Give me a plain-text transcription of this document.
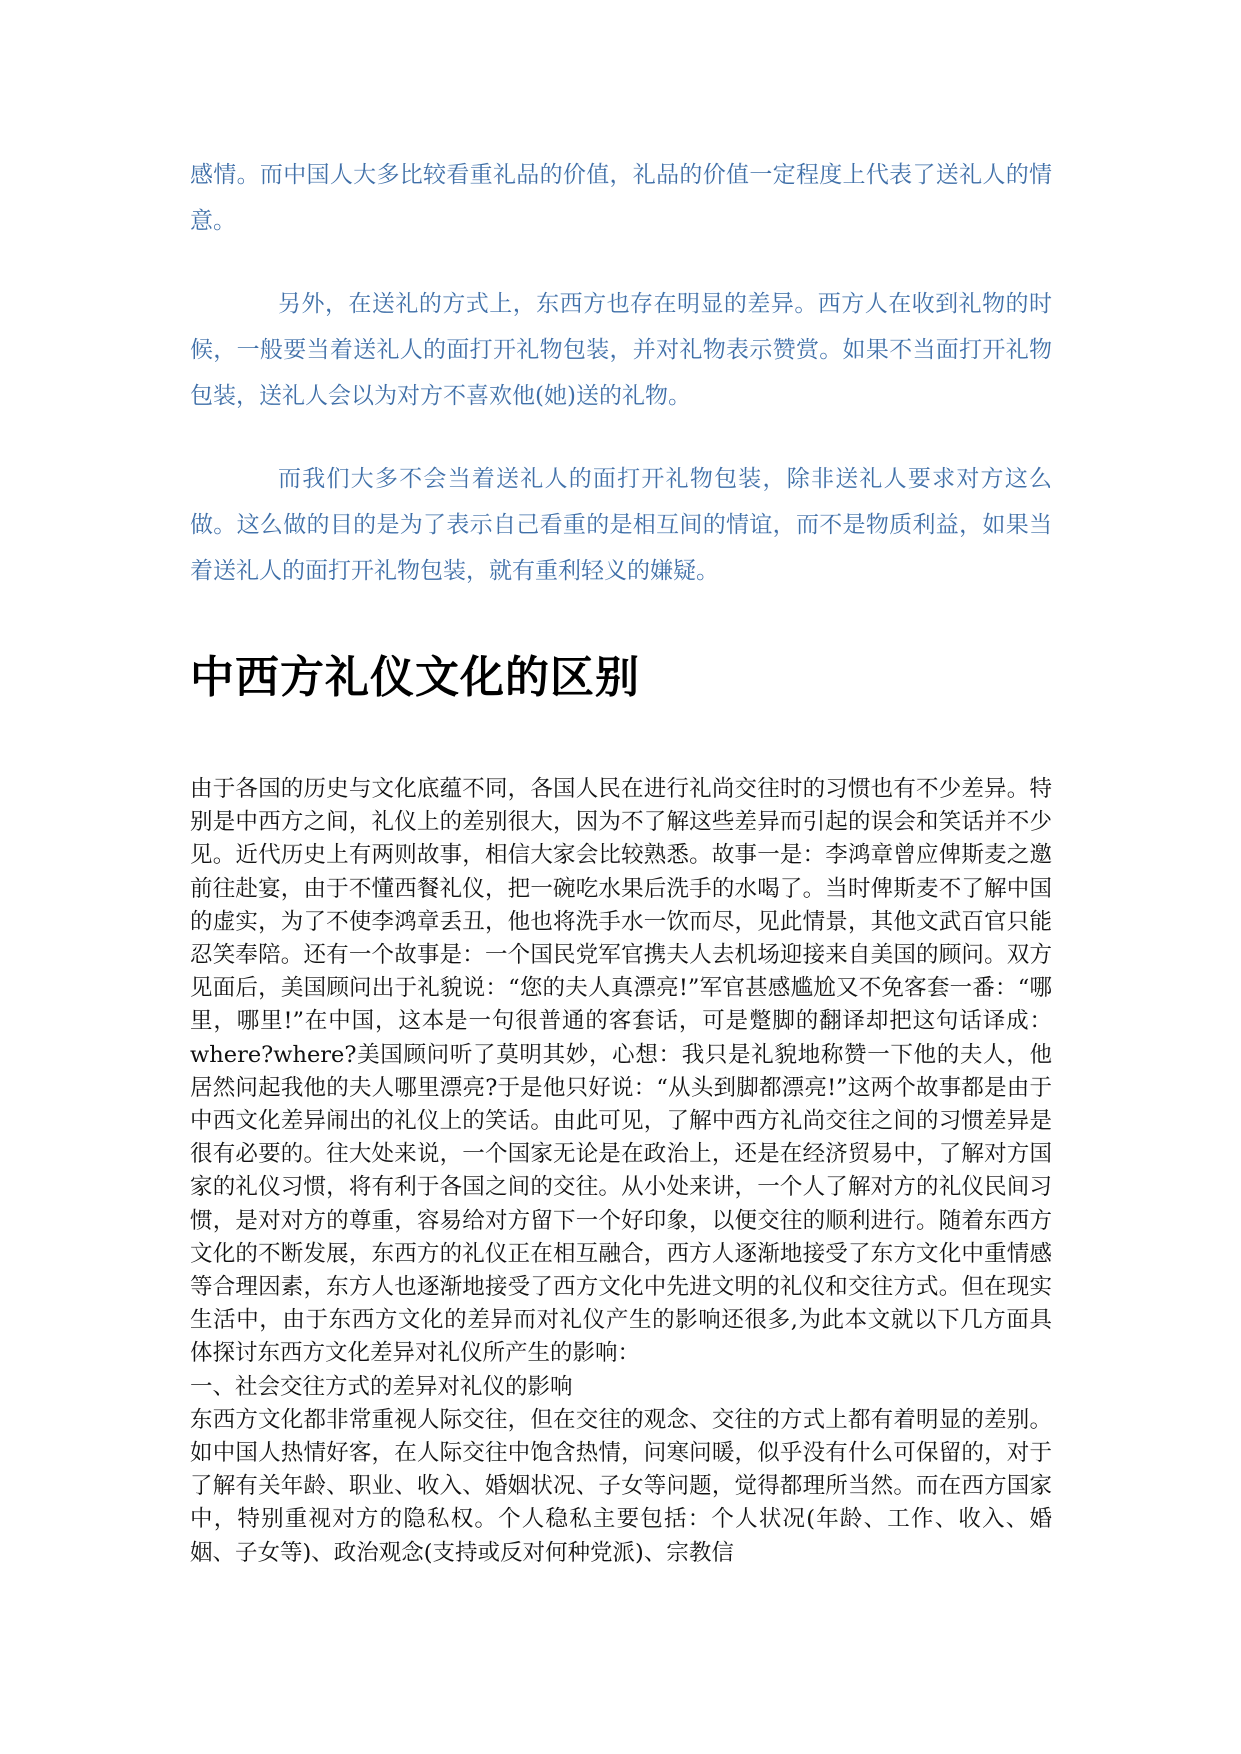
感情。而中国人大多比较看重礼品的价值，礼品的价值一定程度上代表了送礼人的情意。

另外，在送礼的方式上，东西方也存在明显的差异。西方人在收到礼物的时候，一般要当着送礼人的面打开礼物包装，并对礼物表示赞赏。如果不当面打开礼物包装，送礼人会以为对方不喜欢他(她)送的礼物。

而我们大多不会当着送礼人的面打开礼物包装，除非送礼人要求对方这么做。这么做的目的是为了表示自己看重的是相互间的情谊，而不是物质利益，如果当着送礼人的面打开礼物包装，就有重利轻义的嫌疑。

中西方礼仪文化的区别

由于各国的历史与文化底蕴不同，各国人民在进行礼尚交往时的习惯也有不少差异。特别是中西方之间，礼仪上的差别很大，因为不了解这些差异而引起的误会和笑话并不少见。近代历史上有两则故事，相信大家会比较熟悉。故事一是：李鸿章曾应俾斯麦之邀前往赴宴，由于不懂西餐礼仪，把一碗吃水果后洗手的水喝了。当时俾斯麦不了解中国的虚实，为了不使李鸿章丢丑，他也将洗手水一饮而尽，见此情景，其他文武百官只能忍笑奉陪。还有一个故事是：一个国民党军官携夫人去机场迎接来自美国的顾问。双方见面后，美国顾问出于礼貌说：“您的夫人真漂亮!”军官甚感尴尬又不免客套一番：“哪里，哪里!”在中国，这本是一句很普通的客套话，可是蹩脚的翻译却把这句话译成：where?where?美国顾问听了莫明其妙，心想：我只是礼貌地称赞一下他的夫人，他居然问起我他的夫人哪里漂亮?于是他只好说：“从头到脚都漂亮!”这两个故事都是由于中西文化差异闹出的礼仪上的笑话。由此可见，了解中西方礼尚交往之间的习惯差异是很有必要的。往大处来说，一个国家无论是在政治上，还是在经济贸易中，了解对方国家的礼仪习惯，将有利于各国之间的交往。从小处来讲，一个人了解对方的礼仪民间习惯，是对对方的尊重，容易给对方留下一个好印象，以便交往的顺利进行。随着东西方文化的不断发展，东西方的礼仪正在相互融合，西方人逐渐地接受了东方文化中重情感等合理因素，东方人也逐渐地接受了西方文化中先进文明的礼仪和交往方式。但在现实生活中，由于东西方文化的差异而对礼仪产生的影响还很多,为此本文就以下几方面具体探讨东西方文化差异对礼仪所产生的影响：

一、社会交往方式的差异对礼仪的影响

东西方文化都非常重视人际交往，但在交往的观念、交往的方式上都有着明显的差别。如中国人热情好客，在人际交往中饱含热情，问寒问暖，似乎没有什么可保留的，对于了解有关年龄、职业、收入、婚姻状况、子女等问题，觉得都理所当然。而在西方国家中，特别重视对方的隐私权。个人稳私主要包括：个人状况(年龄、工作、收入、婚姻、子女等)、政治观念(支持或反对何种党派)、宗教信
